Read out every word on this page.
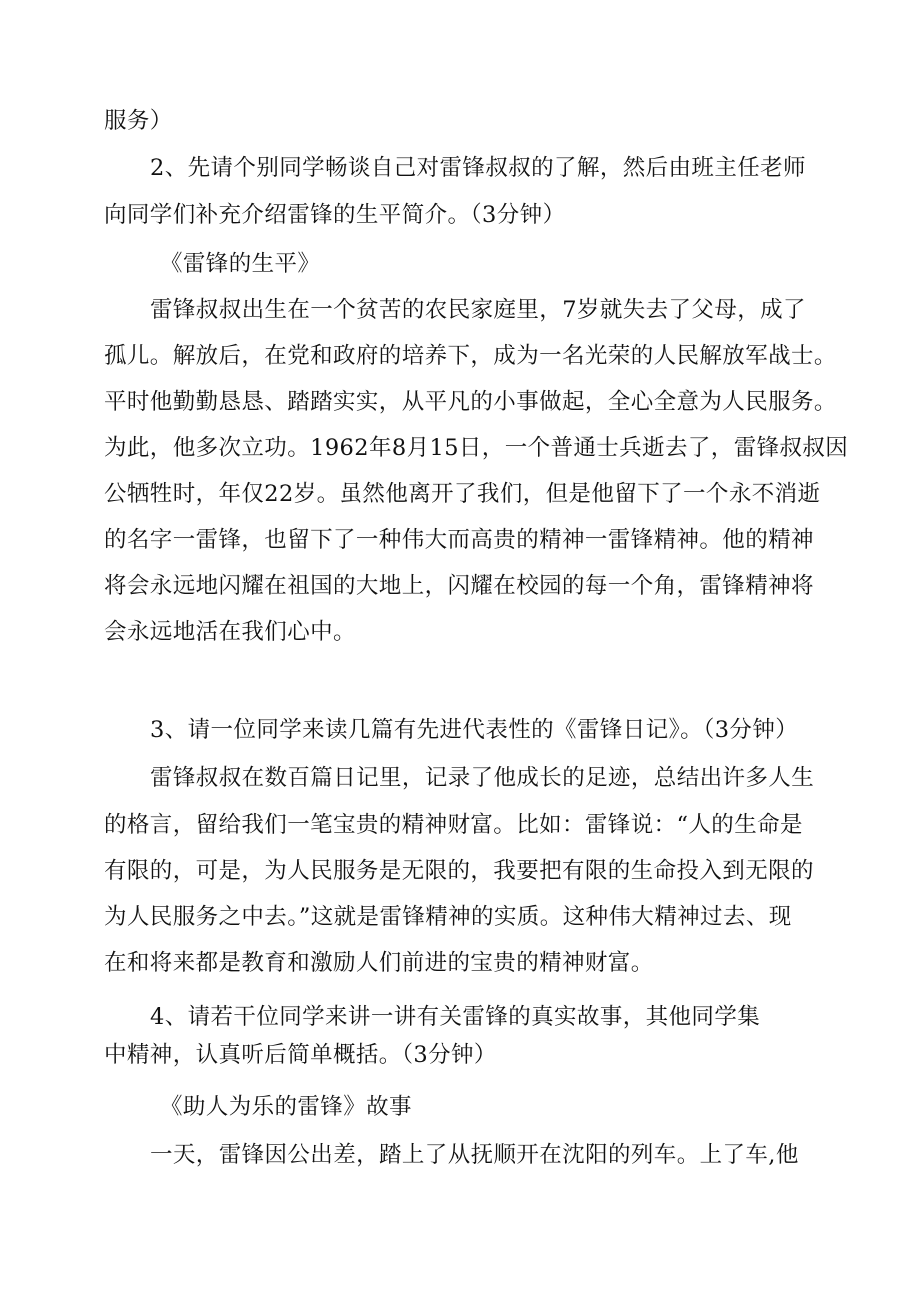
服务）
2、先请个别同学畅谈自己对雷锋叔叔的了解，然后由班主任老师
向同学们补充介绍雷锋的生平简介。（3分钟）
《雷锋的生平》
雷锋叔叔出生在一个贫苦的农民家庭里，7岁就失去了父母，成了
孤儿。解放后，在党和政府的培养下，成为一名光荣的人民解放军战士。
平时他勤勤恳恳、踏踏实实，从平凡的小事做起，全心全意为人民服务。
为此，他多次立功。1962年8月15日，一个普通士兵逝去了，雷锋叔叔因
公牺牲时，年仅22岁。虽然他离开了我们，但是他留下了一个永不消逝
的名字一雷锋，也留下了一种伟大而高贵的精神一雷锋精神。他的精神
将会永远地闪耀在祖国的大地上，闪耀在校园的每一个角，雷锋精神将
会永远地活在我们心中。
3、请一位同学来读几篇有先进代表性的《雷锋日记》。（3分钟）
雷锋叔叔在数百篇日记里，记录了他成长的足迹，总结出许多人生
的格言，留给我们一笔宝贵的精神财富。比如：雷锋说：“人的生命是
有限的，可是，为人民服务是无限的，我要把有限的生命投入到无限的
为人民服务之中去。”这就是雷锋精神的实质。这种伟大精神过去、现
在和将来都是教育和激励人们前进的宝贵的精神财富。
4、请若干位同学来讲一讲有关雷锋的真实故事，其他同学集
中精神，认真听后简单概括。（3分钟）
《助人为乐的雷锋》故事
一天，雷锋因公出差，踏上了从抚顺开在沈阳的列车。上了车,他
